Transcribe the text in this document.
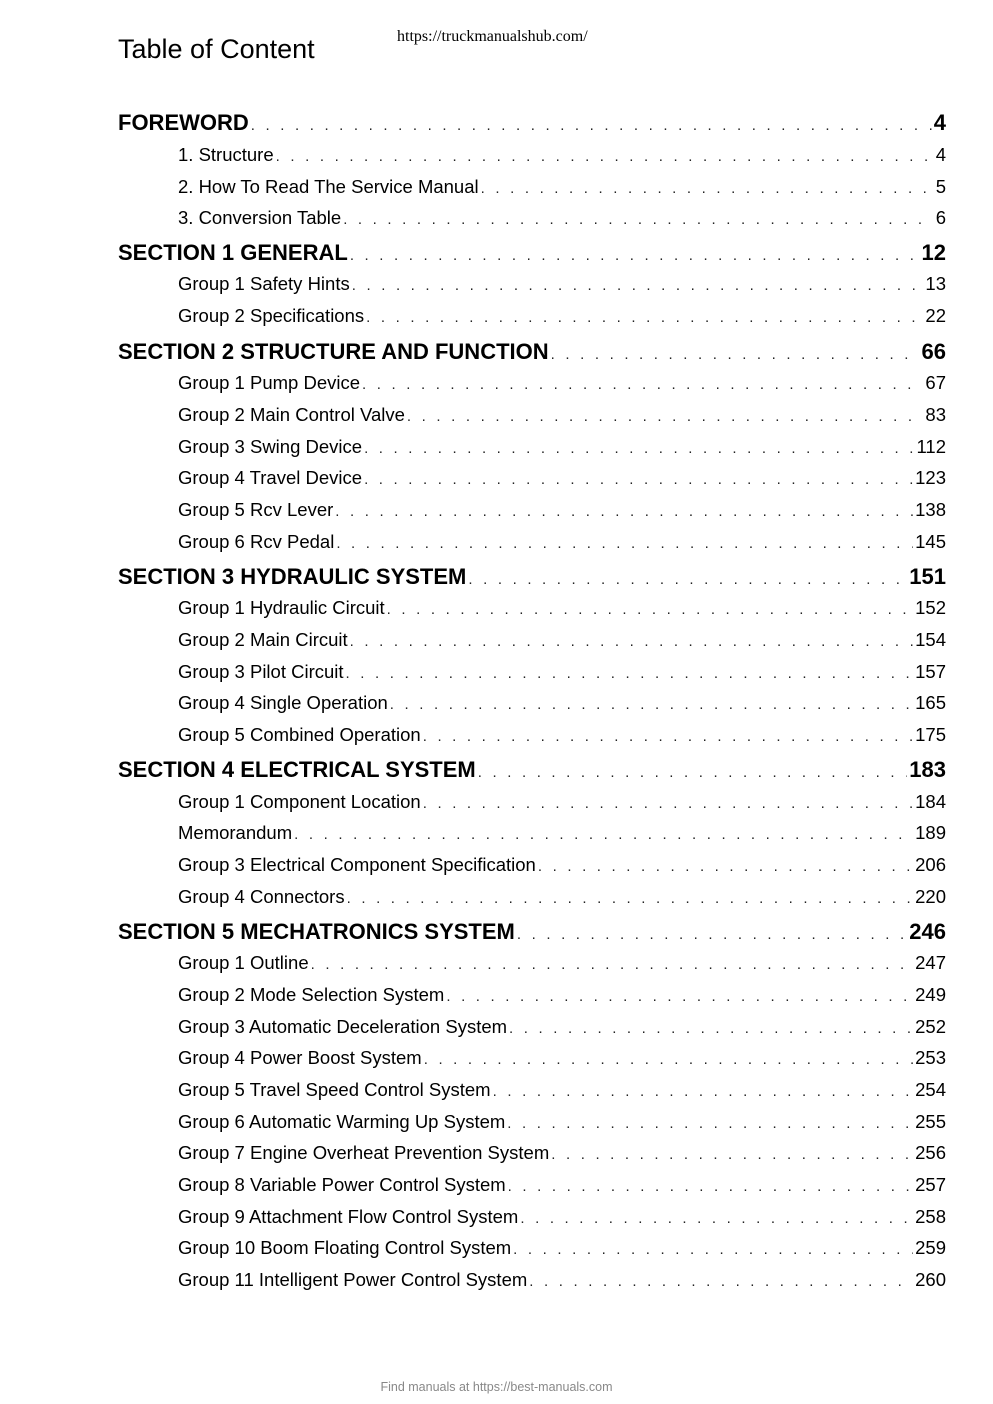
Table of Content	https://truckmanualshub.com/
FOREWORD . . .	4
1. Structure . . .	4
2. How To Read The Service Manual . . .	5
3. Conversion Table . . .	6
SECTION 1 GENERAL . . .	12
Group 1 Safety Hints . . .	13
Group 2 Specifications . . .	22
SECTION 2 STRUCTURE AND FUNCTION . . .	66
Group 1 Pump Device . . .	67
Group 2 Main Control Valve . . .	83
Group 3 Swing Device . . .	112
Group 4 Travel Device . . .	123
Group 5 Rcv Lever . . .	138
Group 6 Rcv Pedal . . .	145
SECTION 3 HYDRAULIC SYSTEM . . .	151
Group 1 Hydraulic Circuit . . .	152
Group 2 Main Circuit . . .	154
Group 3 Pilot Circuit . . .	157
Group 4 Single Operation . . .	165
Group 5 Combined Operation . . .	175
SECTION 4 ELECTRICAL SYSTEM . . .	183
Group 1 Component Location . . .	184
Memorandum . . .	189
Group 3 Electrical Component Specification . . .	206
Group 4 Connectors . . .	220
SECTION 5 MECHATRONICS SYSTEM . . .	246
Group 1 Outline . . .	247
Group 2 Mode Selection System . . .	249
Group 3 Automatic Deceleration System . . .	252
Group 4 Power Boost System . . .	253
Group 5 Travel Speed Control System . . .	254
Group 6 Automatic Warming Up System . . .	255
Group 7 Engine Overheat Prevention System . . .	256
Group 8 Variable Power Control System . . .	257
Group 9 Attachment Flow Control System . . .	258
Group 10 Boom Floating Control System . . .	259
Group 11 Intelligent Power Control System . . .	260
Find manuals at https://best-manuals.com
